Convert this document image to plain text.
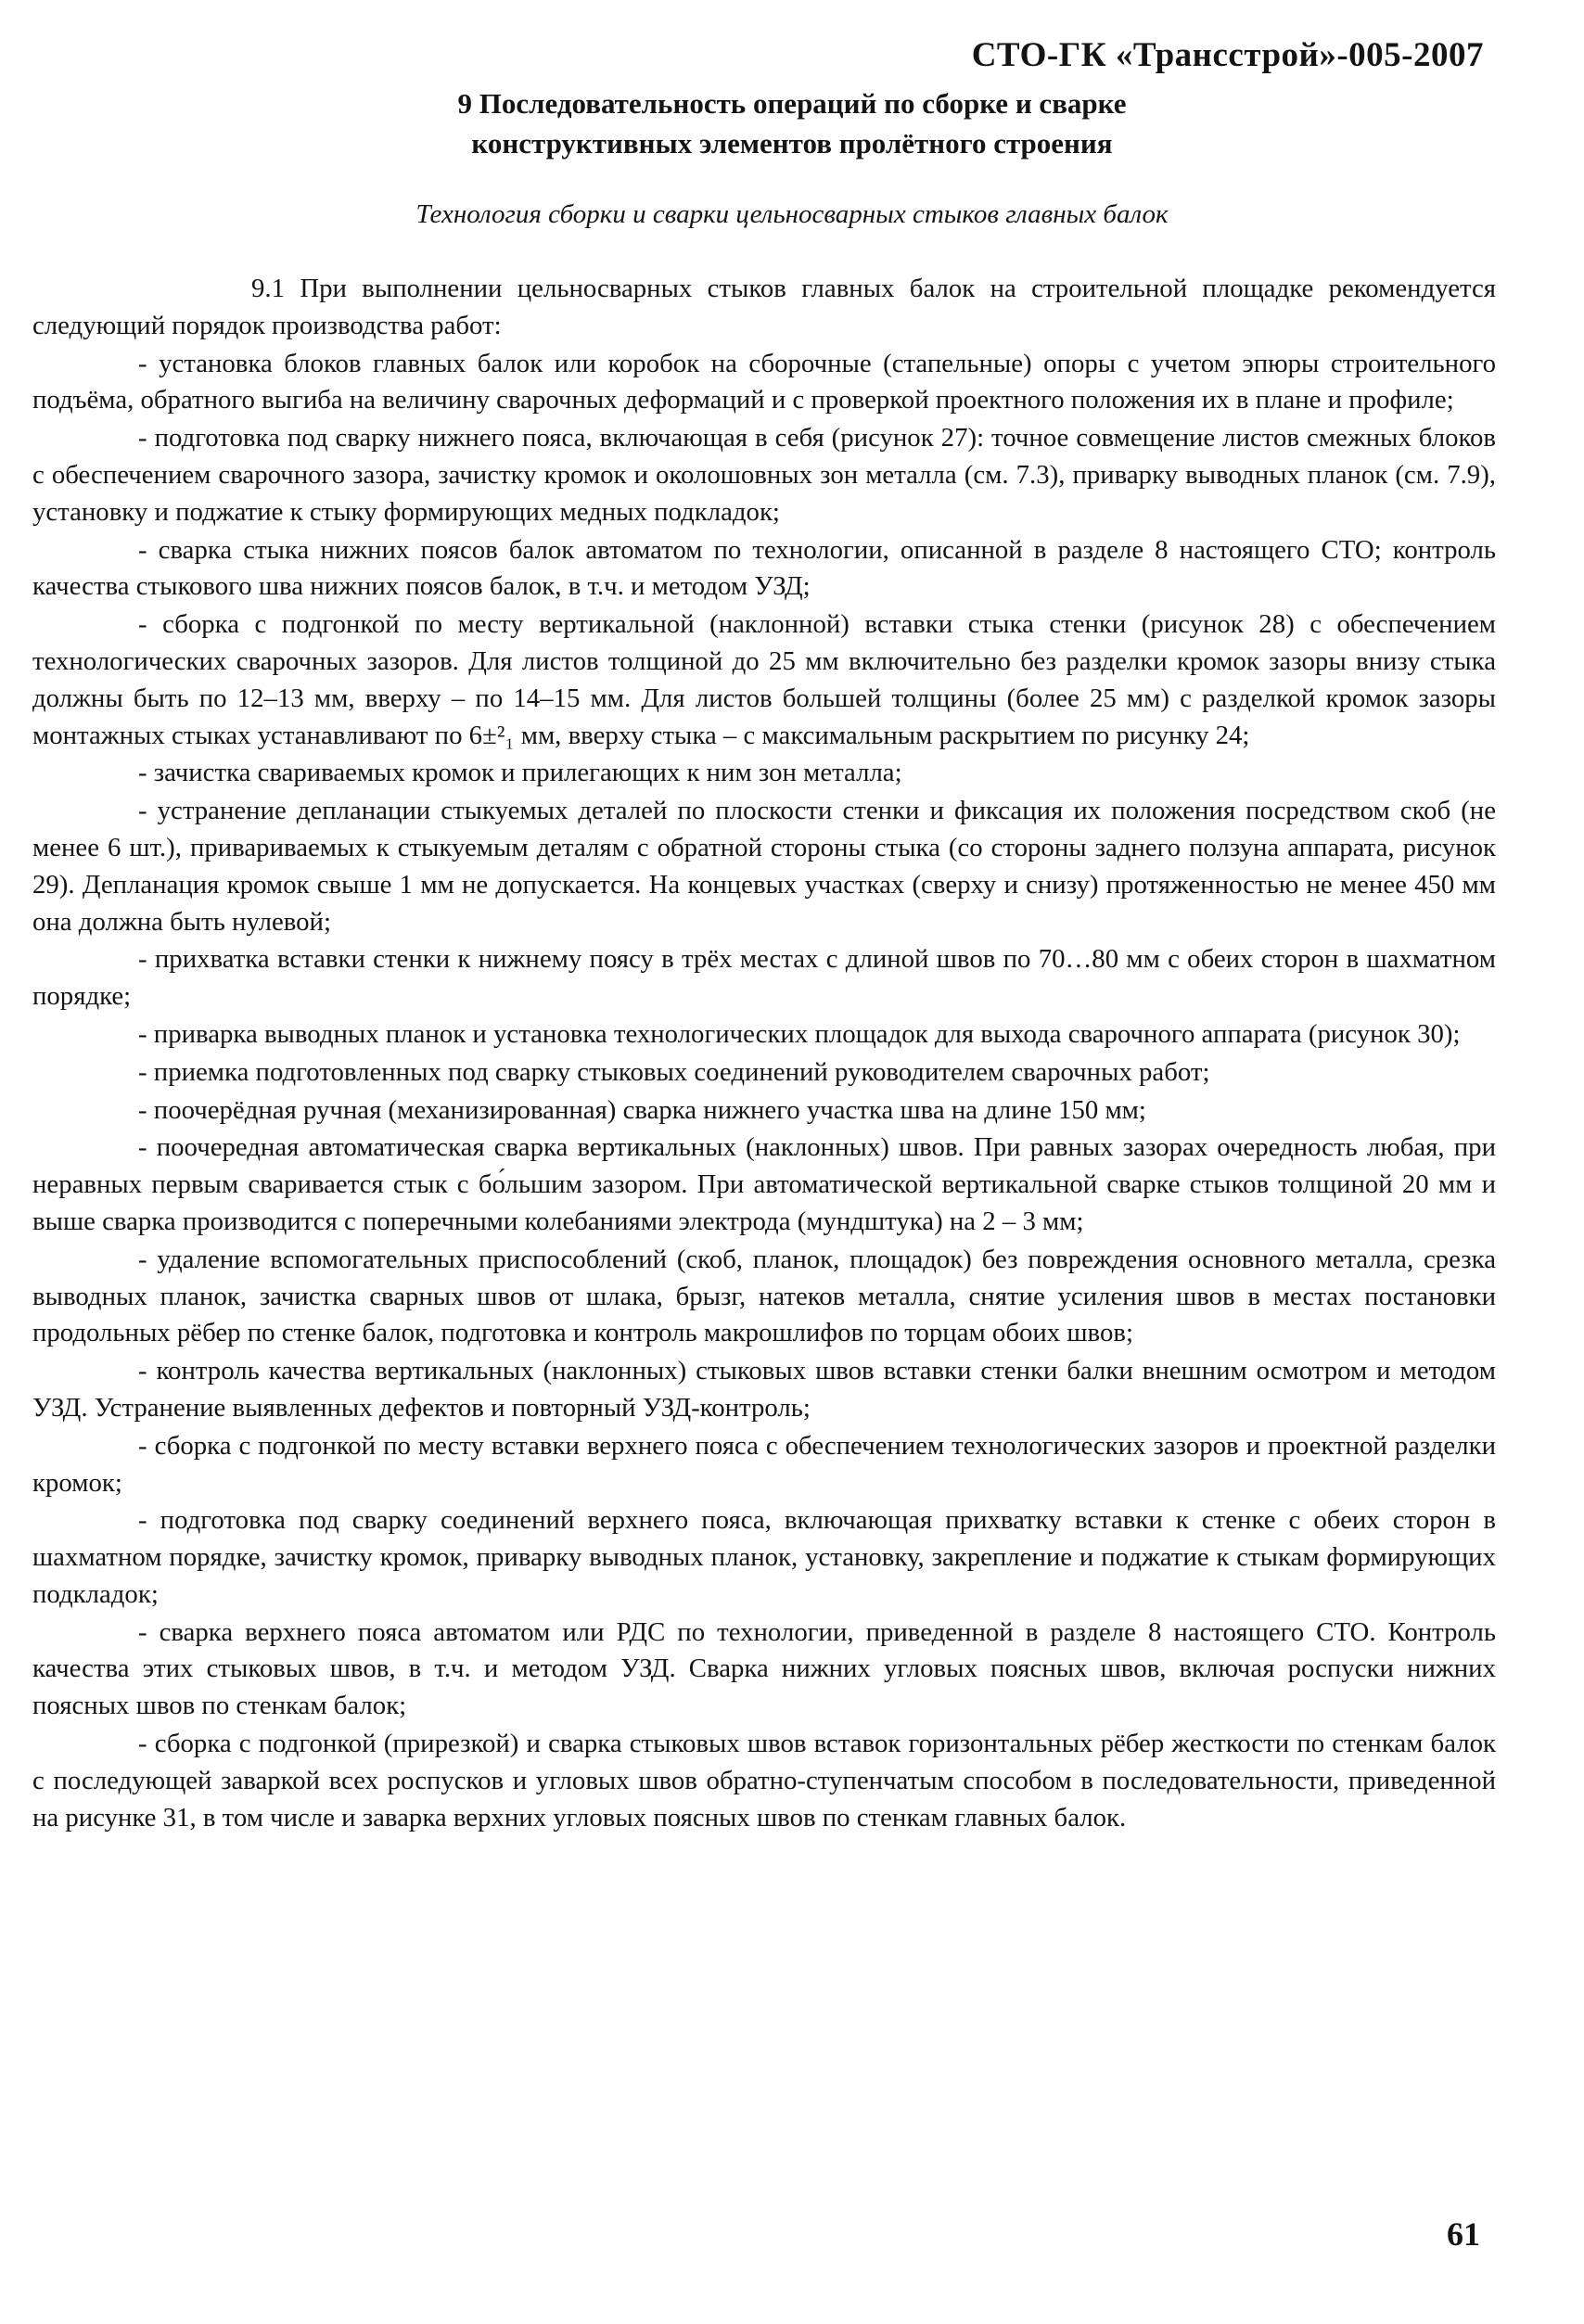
СТО-ГК «Трансстрой»-005-2007
9 Последовательность операций по сборке и сварке
конструктивных элементов пролётного строения
Технология сборки и сварки цельносварных стыков главных балок

9.1 При выполнении цельносварных стыков главных балок на строительной площадке рекомендуется следующий порядок производства работ:

- установка блоков главных балок или коробок на сборочные (стапельные) опоры с учетом эпюры строительного подъёма, обратного выгиба на величину сварочных деформаций и с проверкой проектного положения их в плане и профиле;

- подготовка под сварку нижнего пояса, включающая в себя (рисунок 27): точное совмещение листов смежных блоков с обеспечением сварочного зазора, зачистку кромок и околошовных зон металла (см. 7.3), приварку выводных планок (см. 7.9), установку и поджатие к стыку формирующих медных подкладок;

- сварка стыка нижних поясов балок автоматом по технологии, описанной в разделе 8 настоящего СТО; контроль качества стыкового шва нижних поясов балок, в т.ч. и методом УЗД;

- сборка с подгонкой по месту вертикальной (наклонной) вставки стыка стенки (рисунок 28) с обеспечением технологических сварочных зазоров. Для листов толщиной до 25 мм включительно без разделки кромок зазоры внизу стыка должны быть по 12–13 мм, вверху – по 14–15 мм. Для листов большей толщины (более 25 мм) с разделкой кромок зазоры монтажных стыках устанавливают по 6±²₁ мм, вверху стыка – с максимальным раскрытием по рисунку 24;

- зачистка свариваемых кромок и прилегающих к ним зон металла;

- устранение депланации стыкуемых деталей по плоскости стенки и фиксация их положения посредством скоб (не менее 6 шт.), привариваемых к стыкуемым деталям с обратной стороны стыка (со стороны заднего ползуна аппарата, рисунок 29). Депланация кромок свыше 1 мм не допускается. На концевых участках (сверху и снизу) протяженностью не менее 450 мм она должна быть нулевой;

- прихватка вставки стенки к нижнему поясу в трёх местах с длиной швов по 70…80 мм с обеих сторон в шахматном порядке;

- приварка выводных планок и установка технологических площадок для выхода сварочного аппарата (рисунок 30);

- приемка подготовленных под сварку стыковых соединений руководителем сварочных работ;

- поочерёдная ручная (механизированная) сварка нижнего участка шва на длине 150 мм;

- поочередная автоматическая сварка вертикальных (наклонных) швов. При равных зазорах очередность любая, при неравных первым сваривается стык с бо́льшим зазором. При автоматической вертикальной сварке стыков толщиной 20 мм и выше сварка производится с поперечными колебаниями электрода (мундштука) на 2 – 3 мм;

- удаление вспомогательных приспособлений (скоб, планок, площадок) без повреждения основного металла, срезка выводных планок, зачистка сварных швов от шлака, брызг, натеков металла, снятие усиления швов в местах постановки продольных рёбер по стенке балок, подготовка и контроль макрошлифов по торцам обоих швов;

- контроль качества вертикальных (наклонных) стыковых швов вставки стенки балки внешним осмотром и методом УЗД. Устранение выявленных дефектов и повторный УЗД-контроль;

- сборка с подгонкой по месту вставки верхнего пояса с обеспечением технологических зазоров и проектной разделки кромок;

- подготовка под сварку соединений верхнего пояса, включающая прихватку вставки к стенке с обеих сторон в шахматном порядке, зачистку кромок, приварку выводных планок, установку, закрепление и поджатие к стыкам формирующих подкладок;

- сварка верхнего пояса автоматом или РДС по технологии, приведенной в разделе 8 настоящего СТО. Контроль качества этих стыковых швов, в т.ч. и методом УЗД. Сварка нижних угловых поясных швов, включая роспуски нижних поясных швов по стенкам балок;

- сборка с подгонкой (прирезкой) и сварка стыковых швов вставок горизонтальных рёбер жесткости по стенкам балок с последующей заваркой всех роспусков и угловых швов обратно-ступенчатым способом в последовательности, приведенной на рисунке 31, в том числе и заварка верхних угловых поясных швов по стенкам главных балок.

61
